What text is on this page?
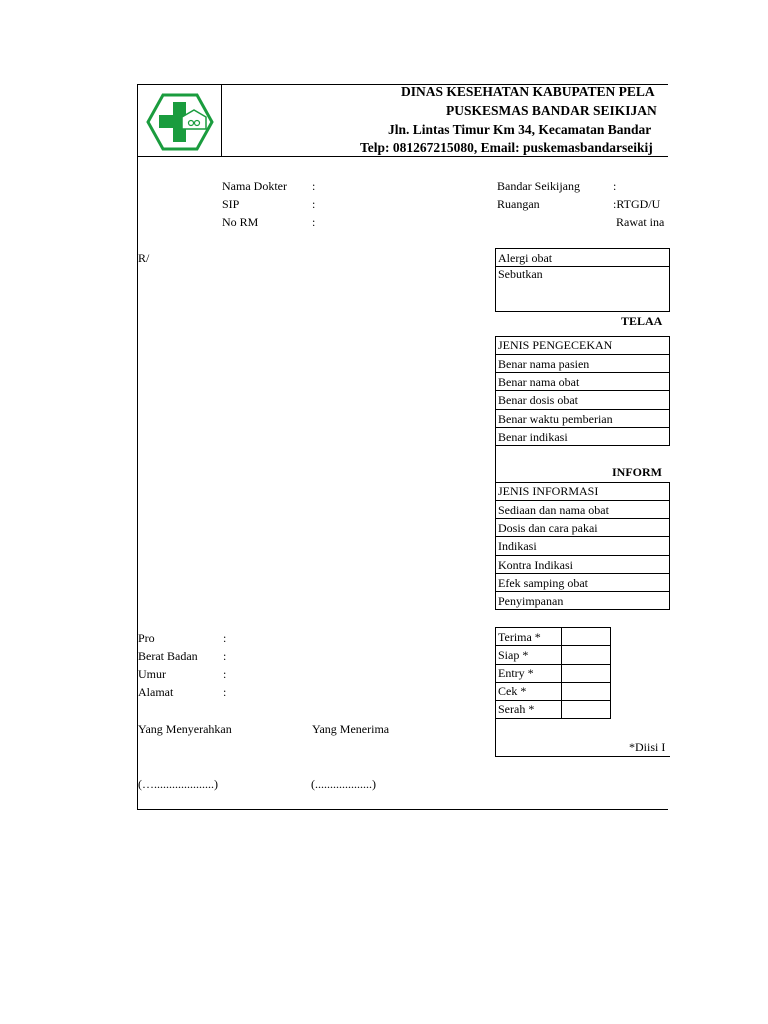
DINAS KESEHATAN KABUPATEN PELA
PUSKESMAS BANDAR SEIKIJAN
Jln. Lintas Timur Km 34, Kecamatan Bandar
Telp: 081267215080, Email: puskemasbandarseikij
Nama Dokter :
SIP	:
No RM	:
Bandar Seikijang	:
Ruangan	:RTGD/U
Rawat ina
R/	Alergi obat
Sebutkan
TELAA
JENIS PENGECEKAN
Benar nama pasien
Benar nama obat
Benar dosis obat
Benar waktu pemberian
Benar indikasi
INFORM
JENIS INFORMASI
Sediaan dan nama obat
Dosis dan cara pakai
Indikasi
Kontra Indikasi
Efek samping obat
Penyimpanan
Pro	:
Berat Badan :
Umur	:
Alamat	:
Terima *
Siap *
Entry *
Cek *
Serah *
*Diisi I
Yang Menyerahkan	Yang Menerima
(…....................)	(...................)
